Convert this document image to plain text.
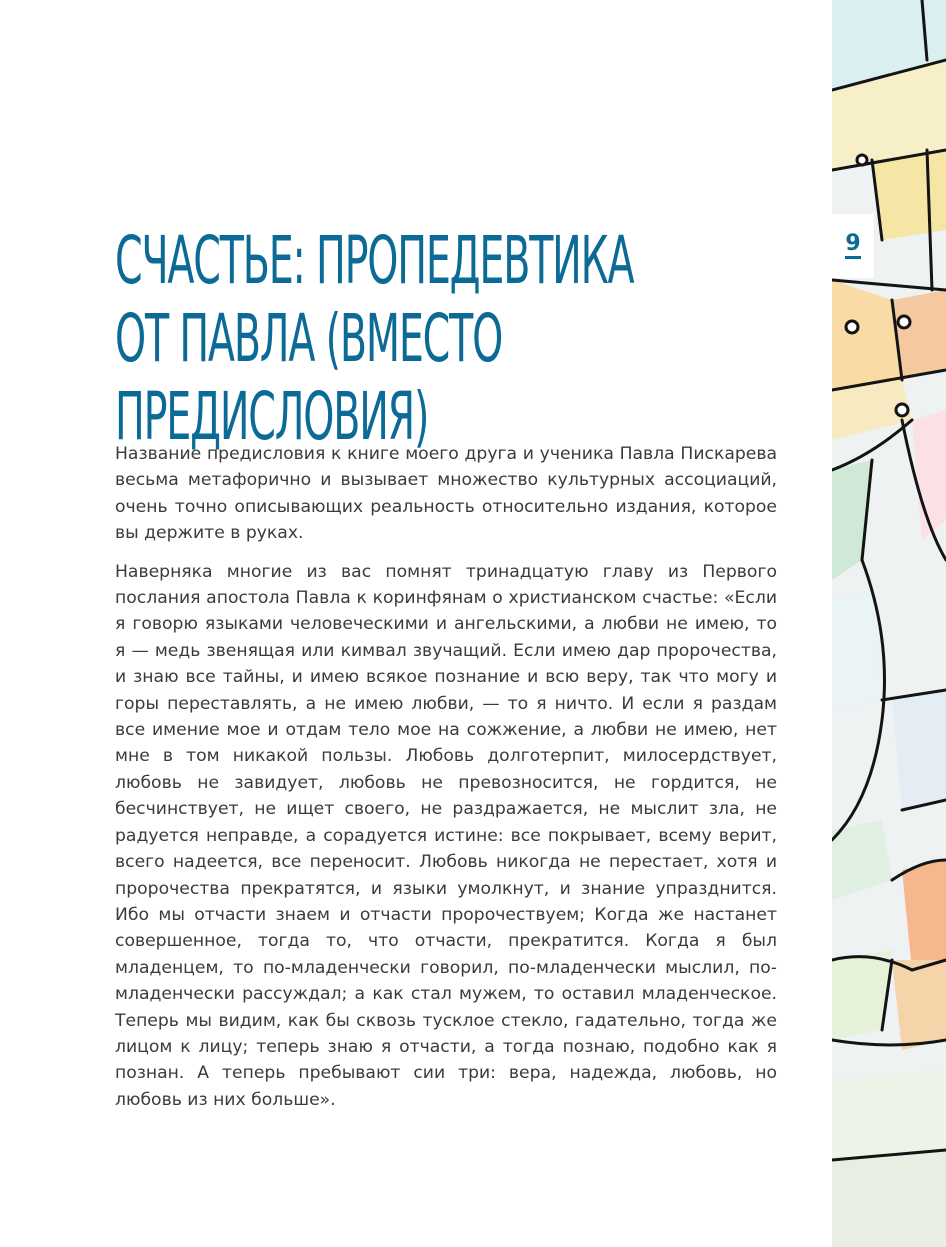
СЧАСТЬЕ: ПРОПЕДЕВТИКА
ОТ ПАВЛА (ВМЕСТО
ПРЕДИСЛОВИЯ)

Название предисловия к книге моего друга и ученика Павла Пискарева весьма метафорично и вызывает множество культурных ассоциаций, очень точно описывающих реальность относительно издания, которое вы держите в руках.

Наверняка многие из вас помнят тринадцатую главу из Первого послания апостола Павла к коринфянам о христианском счастье: «Если я говорю языками человеческими и ангельскими, а любви не имею, то я — медь звенящая или кимвал звучащий. Если имею дар пророчества, и знаю все тайны, и имею всякое познание и всю веру, так что могу и горы переставлять, а не имею любви, — то я ничто. И если я раздам все имение мое и отдам тело мое на сожжение, а любви не имею, нет мне в том никакой пользы. Любовь долготерпит, милосердствует, любовь не завидует, любовь не превозносится, не гордится, не бесчинствует, не ищет своего, не раздражается, не мыслит зла, не радуется неправде, а сорадуется истине: все покрывает, всему верит, всего надеется, все переносит. Любовь никогда не перестает, хотя и пророчества прекратятся, и языки умолкнут, и знание упразднится. Ибо мы отчасти знаем и отчасти пророчествуем; Когда же настанет совершенное, тогда то, что отчасти, прекратится. Когда я был младенцем, то по-младенчески говорил, по-младенчески мыслил, по-младенчески рассуждал; а как стал мужем, то оставил младенческое. Теперь мы видим, как бы сквозь тусклое стекло, гадательно, тогда же лицом к лицу; теперь знаю я отчасти, а тогда познаю, подобно как я познан. А теперь пребывают сии три: вера, надежда, любовь, но любовь из них больше».

9
